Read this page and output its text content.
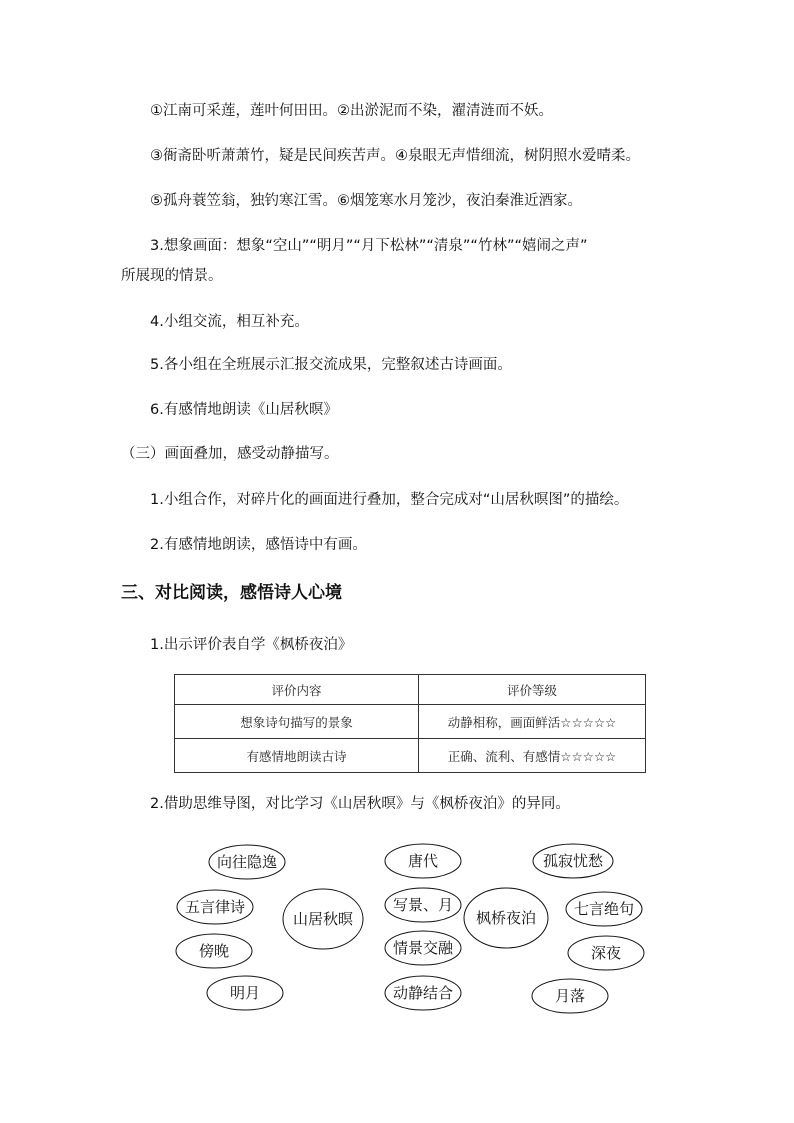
①江南可采莲，莲叶何田田。②出淤泥而不染，濯清涟而不妖。
③衙斋卧听萧萧竹，疑是民间疾苦声。④泉眼无声惜细流，树阴照水爱晴柔。
⑤孤舟蓑笠翁，独钓寒江雪。⑥烟笼寒水月笼沙，夜泊秦淮近酒家。
3.想象画面：想象“空山”“明月”“月下松林”“清泉”“竹林”“嬉闹之声”
所展现的情景。
4.小组交流，相互补充。
5.各小组在全班展示汇报交流成果，完整叙述古诗画面。
6.有感情地朗读《山居秋暝》
（三）画面叠加，感受动静描写。
1.小组合作，对碎片化的画面进行叠加，整合完成对“山居秋暝图”的描绘。
2.有感情地朗读，感悟诗中有画。
三、对比阅读，感悟诗人心境
1.出示评价表自学《枫桥夜泊》
评价内容	评价等级
想象诗句描写的景象	动静相称，画面鲜活☆☆☆☆☆
有感情地朗读古诗	正确、流利、有感情☆☆☆☆☆
2.借助思维导图，对比学习《山居秋暝》与《枫桥夜泊》的异同。
向往隐逸
五言律诗
傍晚
明月
山居秋暝
唐代
写景、月
情景交融
动静结合
枫桥夜泊
孤寂忧愁
七言绝句
深夜
月落
